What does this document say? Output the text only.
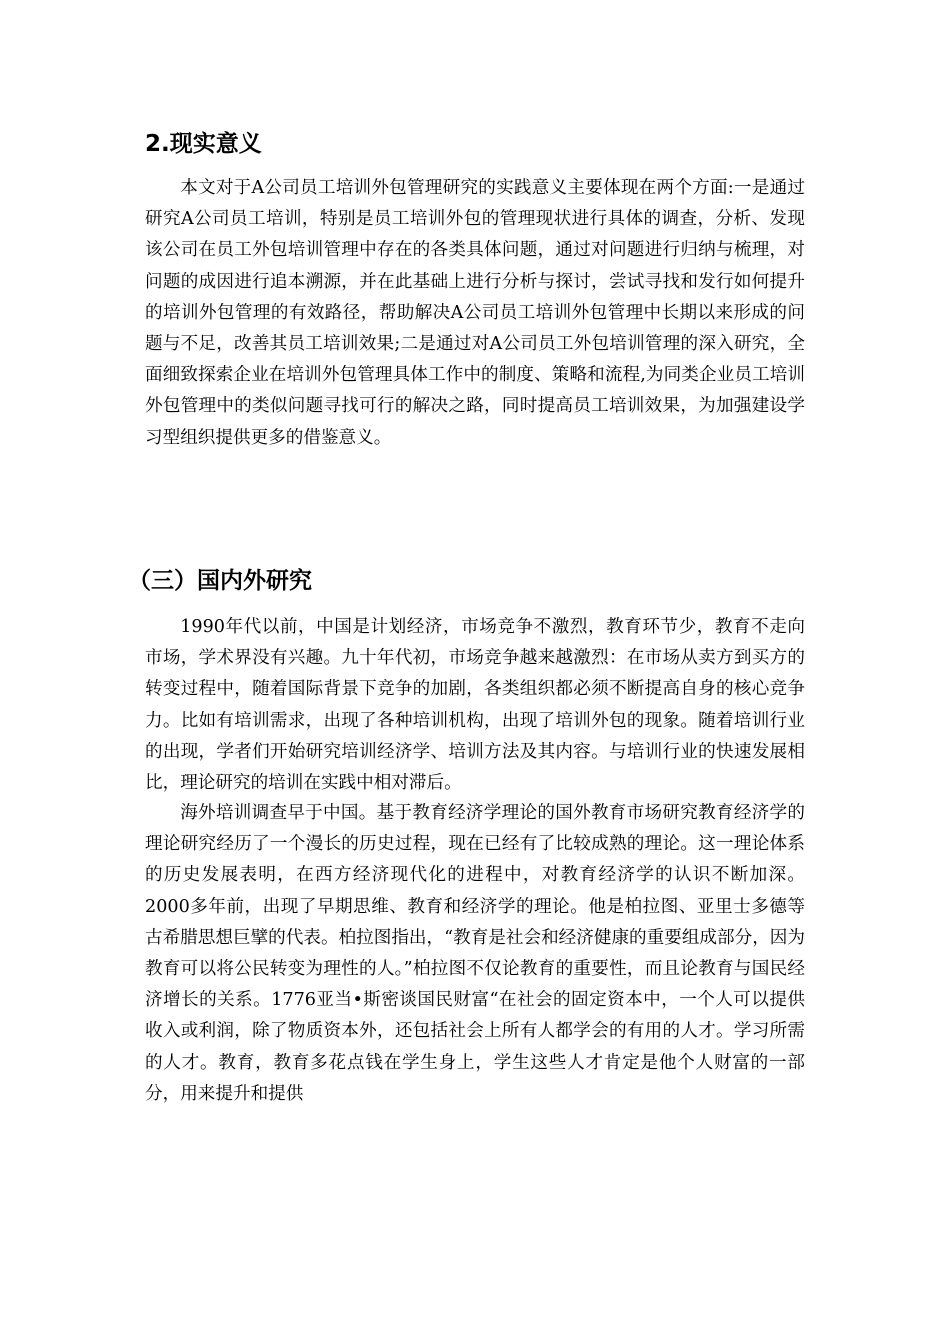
2.现实意义

本文对于A公司员工培训外包管理研究的实践意义主要体现在两个方面:一是通过研究A公司员工培训，特别是员工培训外包的管理现状进行具体的调查，分析、发现该公司在员工外包培训管理中存在的各类具体问题，通过对问题进行归纳与梳理，对问题的成因进行追本溯源，并在此基础上进行分析与探讨，尝试寻找和发行如何提升的培训外包管理的有效路径，帮助解决A公司员工培训外包管理中长期以来形成的问题与不足，改善其员工培训效果;二是通过对A公司员工外包培训管理的深入研究，全面细致探索企业在培训外包管理具体工作中的制度、策略和流程,为同类企业员工培训外包管理中的类似问题寻找可行的解决之路，同时提高员工培训效果，为加强建设学习型组织提供更多的借鉴意义。

（三）国内外研究

1990年代以前，中国是计划经济，市场竞争不激烈，教育环节少，教育不走向市场，学术界没有兴趣。九十年代初，市场竞争越来越激烈：在市场从卖方到买方的转变过程中，随着国际背景下竞争的加剧，各类组织都必须不断提高自身的核心竞争力。比如有培训需求，出现了各种培训机构，出现了培训外包的现象。随着培训行业的出现，学者们开始研究培训经济学、培训方法及其内容。与培训行业的快速发展相比，理论研究的培训在实践中相对滞后。

海外培训调查早于中国。基于教育经济学理论的国外教育市场研究教育经济学的理论研究经历了一个漫长的历史过程，现在已经有了比较成熟的理论。这一理论体系的历史发展表明，在西方经济现代化的进程中，对教育经济学的认识不断加深。2000多年前，出现了早期思维、教育和经济学的理论。他是柏拉图、亚里士多德等古希腊思想巨擘的代表。柏拉图指出，“教育是社会和经济健康的重要组成部分，因为教育可以将公民转变为理性的人。”柏拉图不仅论教育的重要性，而且论教育与国民经济增长的关系。1776亚当•斯密谈国民财富“在社会的固定资本中，一个人可以提供收入或利润，除了物质资本外，还包括社会上所有人都学会的有用的人才。学习所需的人才。教育，教育多花点钱在学生身上，学生这些人才肯定是他个人财富的一部分，用来提升和提供
